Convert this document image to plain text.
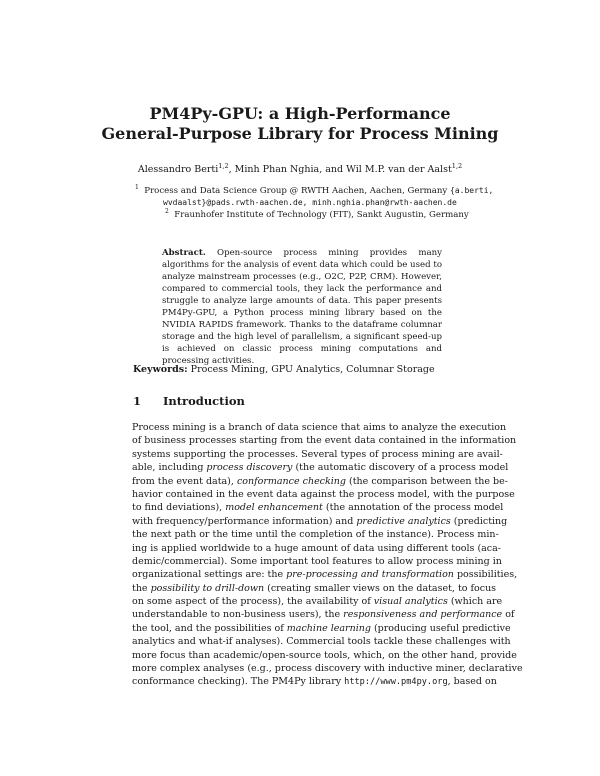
PM4Py-GPU: a High-Performance
General-Purpose Library for Process Mining
Alessandro Berti$^{1,2}$, Minh Phan Nghia, and Wil M.P. van der Aalst$^{1,2}$
$^1$ Process and Data Science Group @ RWTH Aachen, Aachen, Germany {a.berti,
wvdaalst}@pads.rwth-aachen.de, minh.nghia.phan@rwth-aachen.de
$^2$ Fraunhofer Institute of Technology (FIT), Sankt Augustin, Germany

Abstract. Open-source process mining provides many algorithms for the analysis of event data which could be used to analyze mainstream processes (e.g., O2C, P2P, CRM). However, compared to commercial tools, they lack the performance and struggle to analyze large amounts of data. This paper presents PM4Py-GPU, a Python process mining library based on the NVIDIA RAPIDS framework. Thanks to the dataframe columnar storage and the high level of parallelism, a significant speed-up is achieved on classic process mining computations and processing activities.

Keywords: Process Mining, GPU Analytics, Columnar Storage
1 Introduction
Process mining is a branch of data science that aims to analyze the execution
of business processes starting from the event data contained in the information
systems supporting the processes. Several types of process mining are avail-
able, including process discovery (the automatic discovery of a process model
from the event data), conformance checking (the comparison between the be-
havior contained in the event data against the process model, with the purpose
to find deviations), model enhancement (the annotation of the process model
with frequency/performance information) and predictive analytics (predicting
the next path or the time until the completion of the instance). Process min-
ing is applied worldwide to a huge amount of data using different tools (aca-
demic/commercial). Some important tool features to allow process mining in
organizational settings are: the pre-processing and transformation possibilities,
the possibility to drill-down (creating smaller views on the dataset, to focus
on some aspect of the process), the availability of visual analytics (which are
understandable to non-business users), the responsiveness and performance of
the tool, and the possibilities of machine learning (producing useful predictive
analytics and what-if analyses). Commercial tools tackle these challenges with
more focus than academic/open-source tools, which, on the other hand, provide
more complex analyses (e.g., process discovery with inductive miner, declarative
conformance checking). The PM4Py library http://www.pm4py.org, based on
